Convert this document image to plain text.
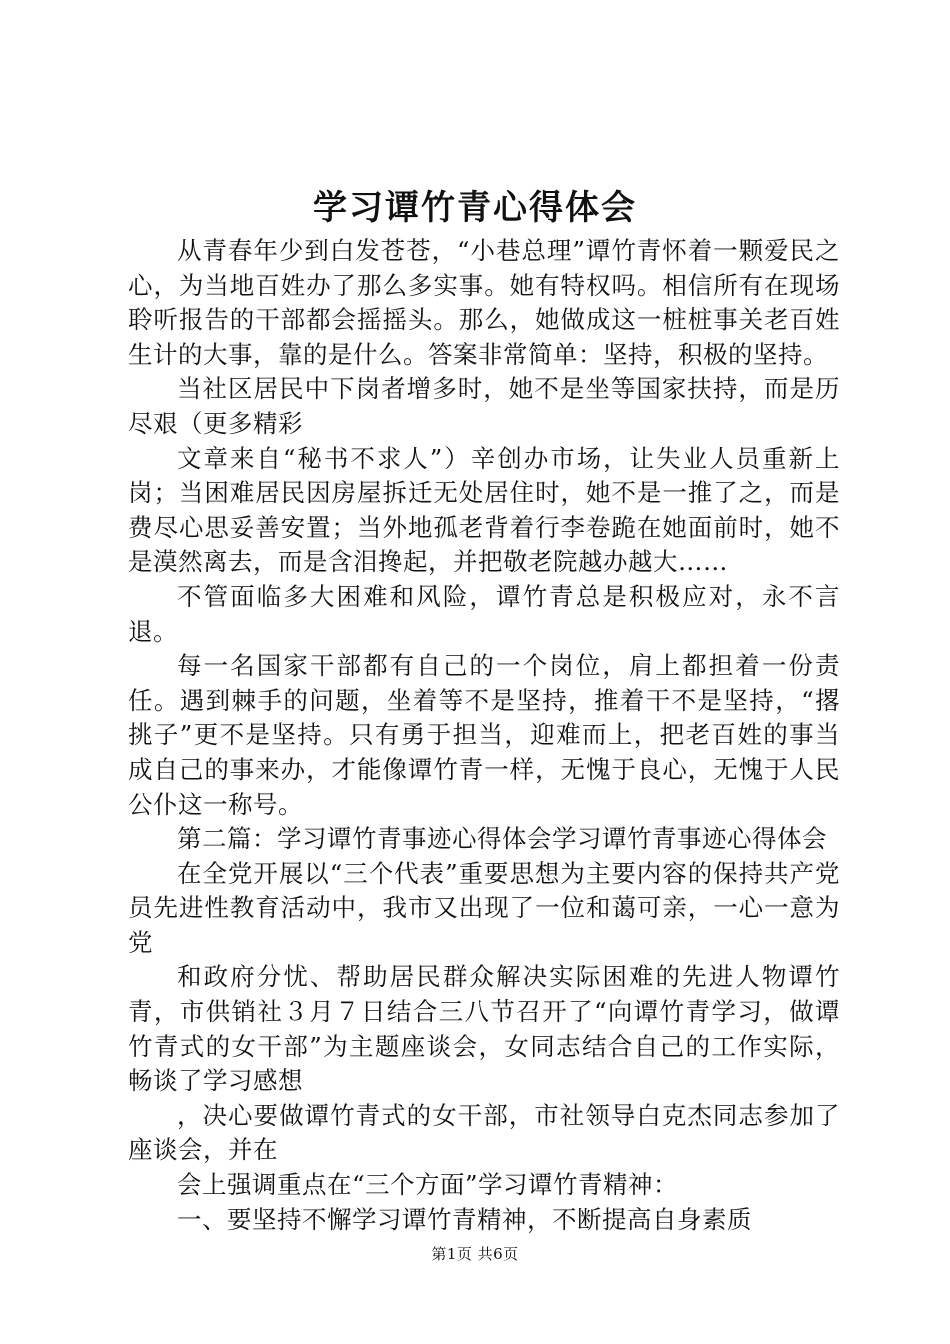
学习谭竹青心得体会

从青春年少到白发苍苍，“小巷总理”谭竹青怀着一颗爱民之心，为当地百姓办了那么多实事。她有特权吗。相信所有在现场聆听报告的干部都会摇摇头。那么，她做成这一桩桩事关老百姓生计的大事，靠的是什么。答案非常简单：坚持，积极的坚持。

当社区居民中下岗者增多时，她不是坐等国家扶持，而是历尽艰（更多精彩

文章来自“秘书不求人”）辛创办市场，让失业人员重新上岗；当困难居民因房屋拆迁无处居住时，她不是一推了之，而是费尽心思妥善安置；当外地孤老背着行李卷跪在她面前时，她不是漠然离去，而是含泪搀起，并把敬老院越办越大……

不管面临多大困难和风险，谭竹青总是积极应对，永不言退。

每一名国家干部都有自己的一个岗位，肩上都担着一份责任。遇到棘手的问题，坐着等不是坚持，推着干不是坚持，“撂挑子”更不是坚持。只有勇于担当，迎难而上，把老百姓的事当成自己的事来办，才能像谭竹青一样，无愧于良心，无愧于人民公仆这一称号。

第二篇：学习谭竹青事迹心得体会学习谭竹青事迹心得体会

在全党开展以“三个代表”重要思想为主要内容的保持共产党员先进性教育活动中，我市又出现了一位和蔼可亲，一心一意为党

和政府分忧、帮助居民群众解决实际困难的先进人物谭竹青，市供销社３月７日结合三八节召开了“向谭竹青学习，做谭竹青式的女干部”为主题座谈会，女同志结合自己的工作实际，畅谈了学习感想

，决心要做谭竹青式的女干部，市社领导白克杰同志参加了座谈会，并在

会上强调重点在“三个方面”学习谭竹青精神：

一、要坚持不懈学习谭竹青精神，不断提高自身素质

第1页 共6页
